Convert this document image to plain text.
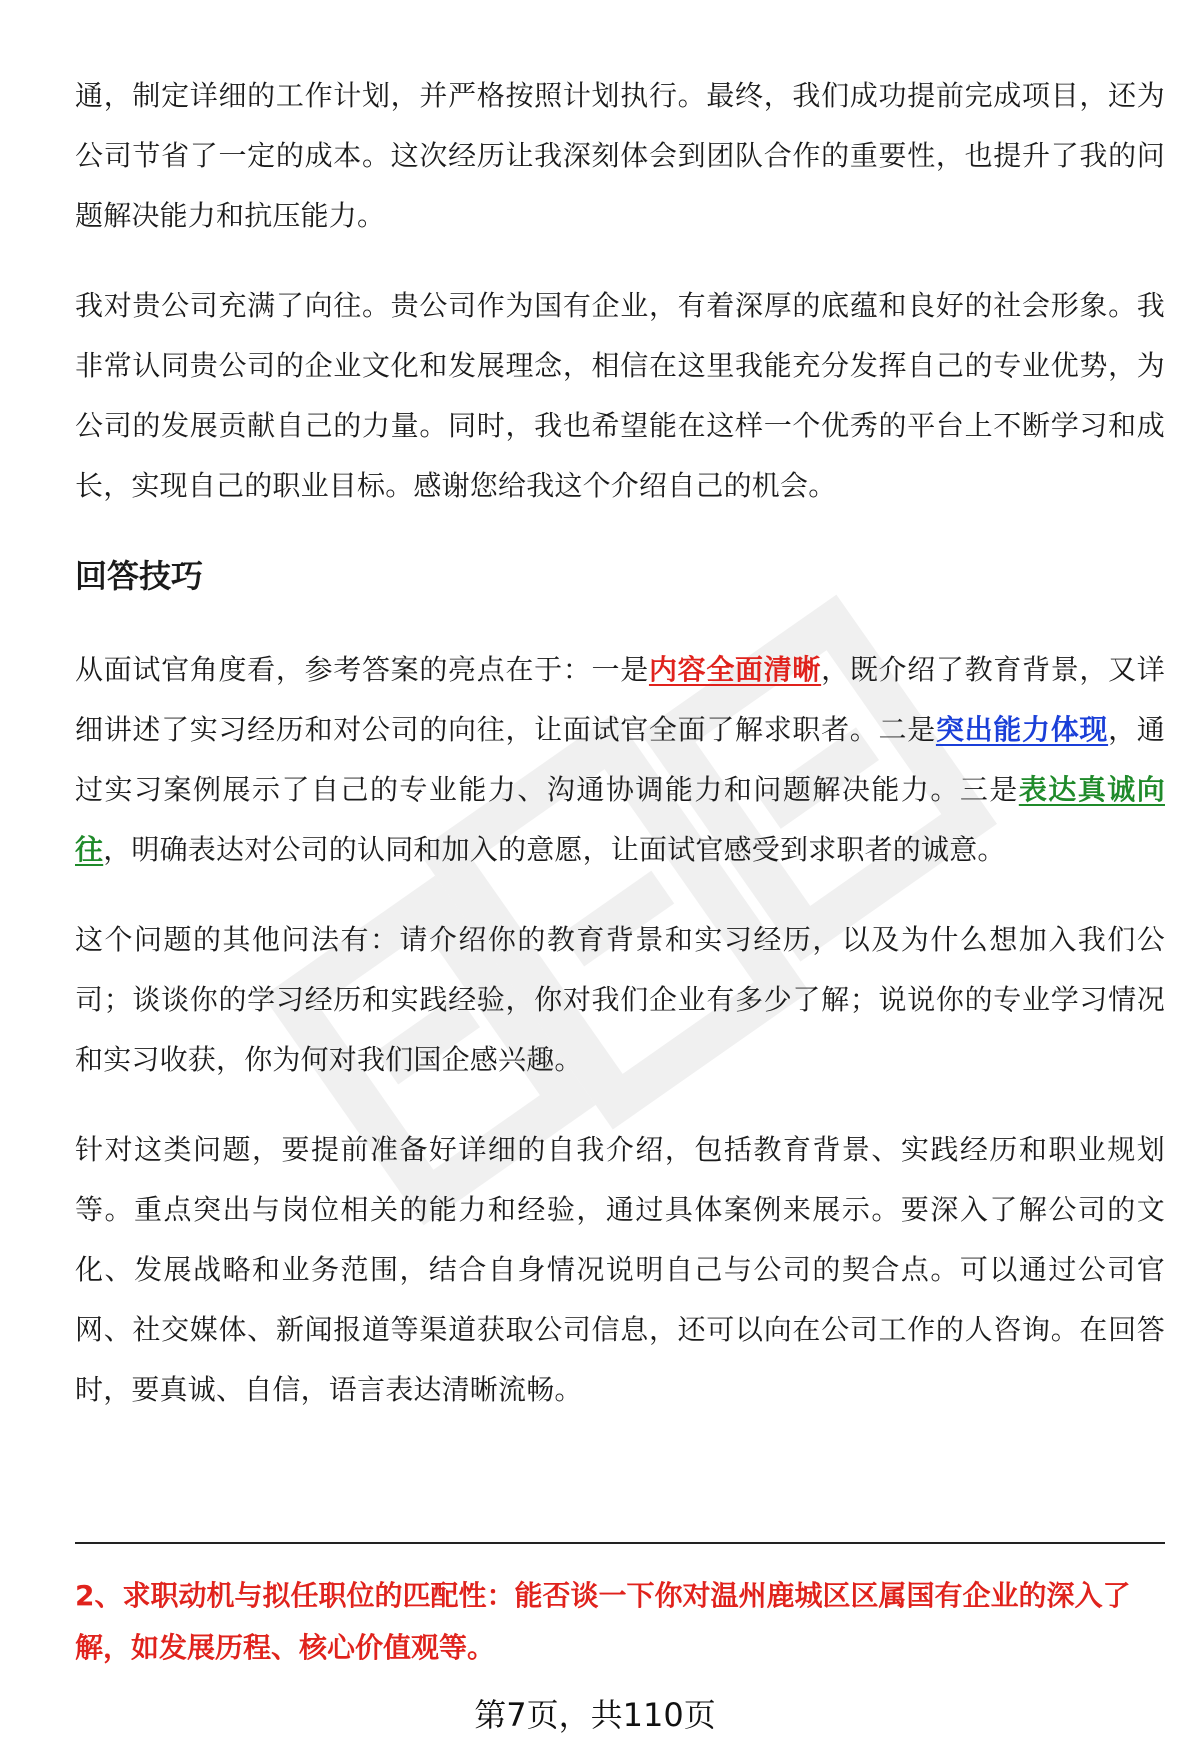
通，制定详细的工作计划，并严格按照计划执行。最终，我们成功提前完成项目，还为公司节省了一定的成本。这次经历让我深刻体会到团队合作的重要性，也提升了我的问题解决能力和抗压能力。

我对贵公司充满了向往。贵公司作为国有企业，有着深厚的底蕴和良好的社会形象。我非常认同贵公司的企业文化和发展理念，相信在这里我能充分发挥自己的专业优势，为公司的发展贡献自己的力量。同时，我也希望能在这样一个优秀的平台上不断学习和成长，实现自己的职业目标。感谢您给我这个介绍自己的机会。

回答技巧

从面试官角度看，参考答案的亮点在于：一是内容全面清晰，既介绍了教育背景，又详细讲述了实习经历和对公司的向往，让面试官全面了解求职者。二是突出能力体现，通过实习案例展示了自己的专业能力、沟通协调能力和问题解决能力。三是表达真诚向往，明确表达对公司的认同和加入的意愿，让面试官感受到求职者的诚意。

这个问题的其他问法有：请介绍你的教育背景和实习经历，以及为什么想加入我们公司；谈谈你的学习经历和实践经验，你对我们企业有多少了解；说说你的专业学习情况和实习收获，你为何对我们国企感兴趣。

针对这类问题，要提前准备好详细的自我介绍，包括教育背景、实践经历和职业规划等。重点突出与岗位相关的能力和经验，通过具体案例来展示。要深入了解公司的文化、发展战略和业务范围，结合自身情况说明自己与公司的契合点。可以通过公司官网、社交媒体、新闻报道等渠道获取公司信息，还可以向在公司工作的人咨询。在回答时，要真诚、自信，语言表达清晰流畅。

2、求职动机与拟任职位的匹配性：能否谈一下你对温州鹿城区区属国有企业的深入了解，如发展历程、核心价值观等。
第7页，共110页
